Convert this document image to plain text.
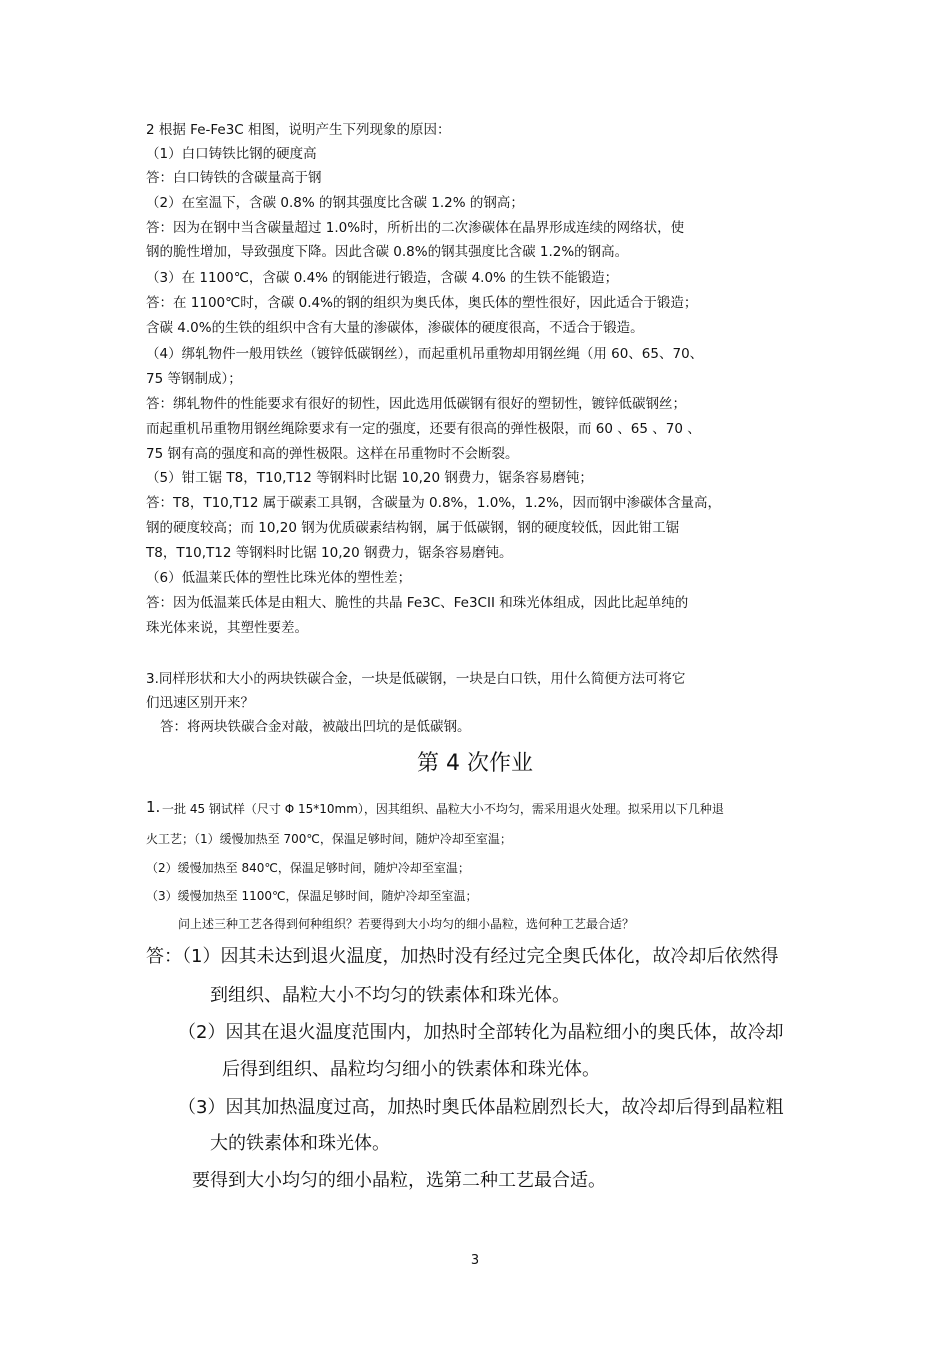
2 根据 Fe-Fe3C 相图，说明产生下列现象的原因：
（1）白口铸铁比钢的硬度高
答：白口铸铁的含碳量高于钢
（2）在室温下，含碳 0.8% 的钢其强度比含碳 1.2% 的钢高；
答：因为在钢中当含碳量超过 1.0%时，所析出的二次渗碳体在晶界形成连续的网络状，使
钢的脆性增加，导致强度下降。因此含碳 0.8%的钢其强度比含碳 1.2%的钢高。
（3）在 1100℃，含碳 0.4% 的钢能进行锻造，含碳 4.0% 的生铁不能锻造；
答：在 1100℃时，含碳 0.4%的钢的组织为奥氏体，奥氏体的塑性很好，因此适合于锻造；
含碳 4.0%的生铁的组织中含有大量的渗碳体，渗碳体的硬度很高，不适合于锻造。
（4）绑轧物件一般用铁丝（镀锌低碳钢丝），而起重机吊重物却用钢丝绳（用 60、65、70、
75 等钢制成）；
答：绑轧物件的性能要求有很好的韧性，因此选用低碳钢有很好的塑韧性，镀锌低碳钢丝；
而起重机吊重物用钢丝绳除要求有一定的强度，还要有很高的弹性极限，而 60 、65 、70 、
75 钢有高的强度和高的弹性极限。这样在吊重物时不会断裂。
（5）钳工锯 T8，T10,T12 等钢料时比锯 10,20 钢费力，锯条容易磨钝；
答：T8，T10,T12 属于碳素工具钢，含碳量为 0.8%，1.0%，1.2%，因而钢中渗碳体含量高，
钢的硬度较高；而 10,20 钢为优质碳素结构钢，属于低碳钢，钢的硬度较低，因此钳工锯
T8，T10,T12 等钢料时比锯 10,20 钢费力，锯条容易磨钝。
（6）低温莱氏体的塑性比珠光体的塑性差；
答：因为低温莱氏体是由粗大、脆性的共晶 Fe3C、Fe3CII 和珠光体组成，因此比起单纯的
珠光体来说，其塑性要差。
3.同样形状和大小的两块铁碳合金，一块是低碳钢，一块是白口铁，用什么简便方法可将它
们迅速区别开来？
答：将两块铁碳合金对敲，被敲出凹坑的是低碳钢。
第 4 次作业
1. 一批 45 钢试样（尺寸 Φ 15*10mm），因其组织、晶粒大小不均匀，需采用退火处理。拟采用以下几种退
火工艺；（1）缓慢加热至 700℃，保温足够时间，随炉冷却至室温；
（2）缓慢加热至 840℃，保温足够时间，随炉冷却至室温；
（3）缓慢加热至 1100℃，保温足够时间，随炉冷却至室温；
问上述三种工艺各得到何种组织？若要得到大小均匀的细小晶粒，选何种工艺最合适？
答：（1）因其未达到退火温度，加热时没有经过完全奥氏体化，故冷却后依然得
到组织、晶粒大小不均匀的铁素体和珠光体。
（2）因其在退火温度范围内，加热时全部转化为晶粒细小的奥氏体，故冷却
后得到组织、晶粒均匀细小的铁素体和珠光体。
（3）因其加热温度过高，加热时奥氏体晶粒剧烈长大，故冷却后得到晶粒粗
大的铁素体和珠光体。
要得到大小均匀的细小晶粒，选第二种工艺最合适。
3
